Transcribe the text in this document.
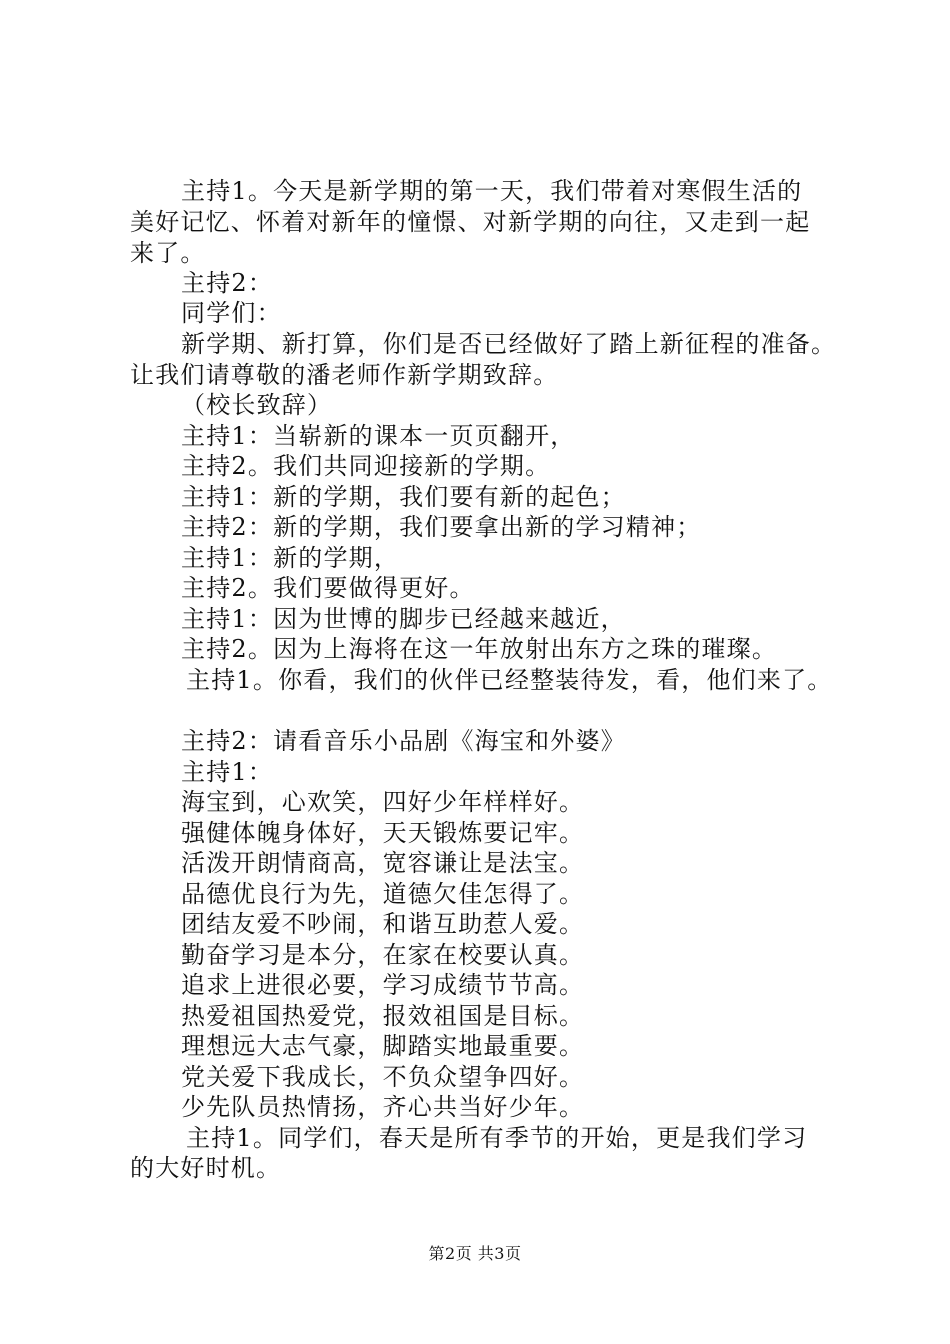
主持1。今天是新学期的第一天，我们带着对寒假生活的
美好记忆、怀着对新年的憧憬、对新学期的向往，又走到一起
来了。
主持2：
同学们：
新学期、新打算，你们是否已经做好了踏上新征程的准备。
让我们请尊敬的潘老师作新学期致辞。
（校长致辞）
主持1：当崭新的课本一页页翻开，
主持2。我们共同迎接新的学期。
主持1：新的学期，我们要有新的起色；
主持2：新的学期，我们要拿出新的学习精神；
主持1：新的学期，
主持2。我们要做得更好。
主持1：因为世博的脚步已经越来越近，
主持2。因为上海将在这一年放射出东方之珠的璀璨。
主持1。你看，我们的伙伴已经整装待发，看，他们来了。
主持2：请看音乐小品剧《海宝和外婆》
主持1：
海宝到，心欢笑，四好少年样样好。
强健体魄身体好，天天锻炼要记牢。
活泼开朗情商高，宽容谦让是法宝。
品德优良行为先，道德欠佳怎得了。
团结友爱不吵闹，和谐互助惹人爱。
勤奋学习是本分，在家在校要认真。
追求上进很必要，学习成绩节节高。
热爱祖国热爱党，报效祖国是目标。
理想远大志气豪，脚踏实地最重要。
党关爱下我成长，不负众望争四好。
少先队员热情扬，齐心共当好少年。
主持1。同学们，春天是所有季节的开始，更是我们学习
的大好时机。
第2页 共3页
